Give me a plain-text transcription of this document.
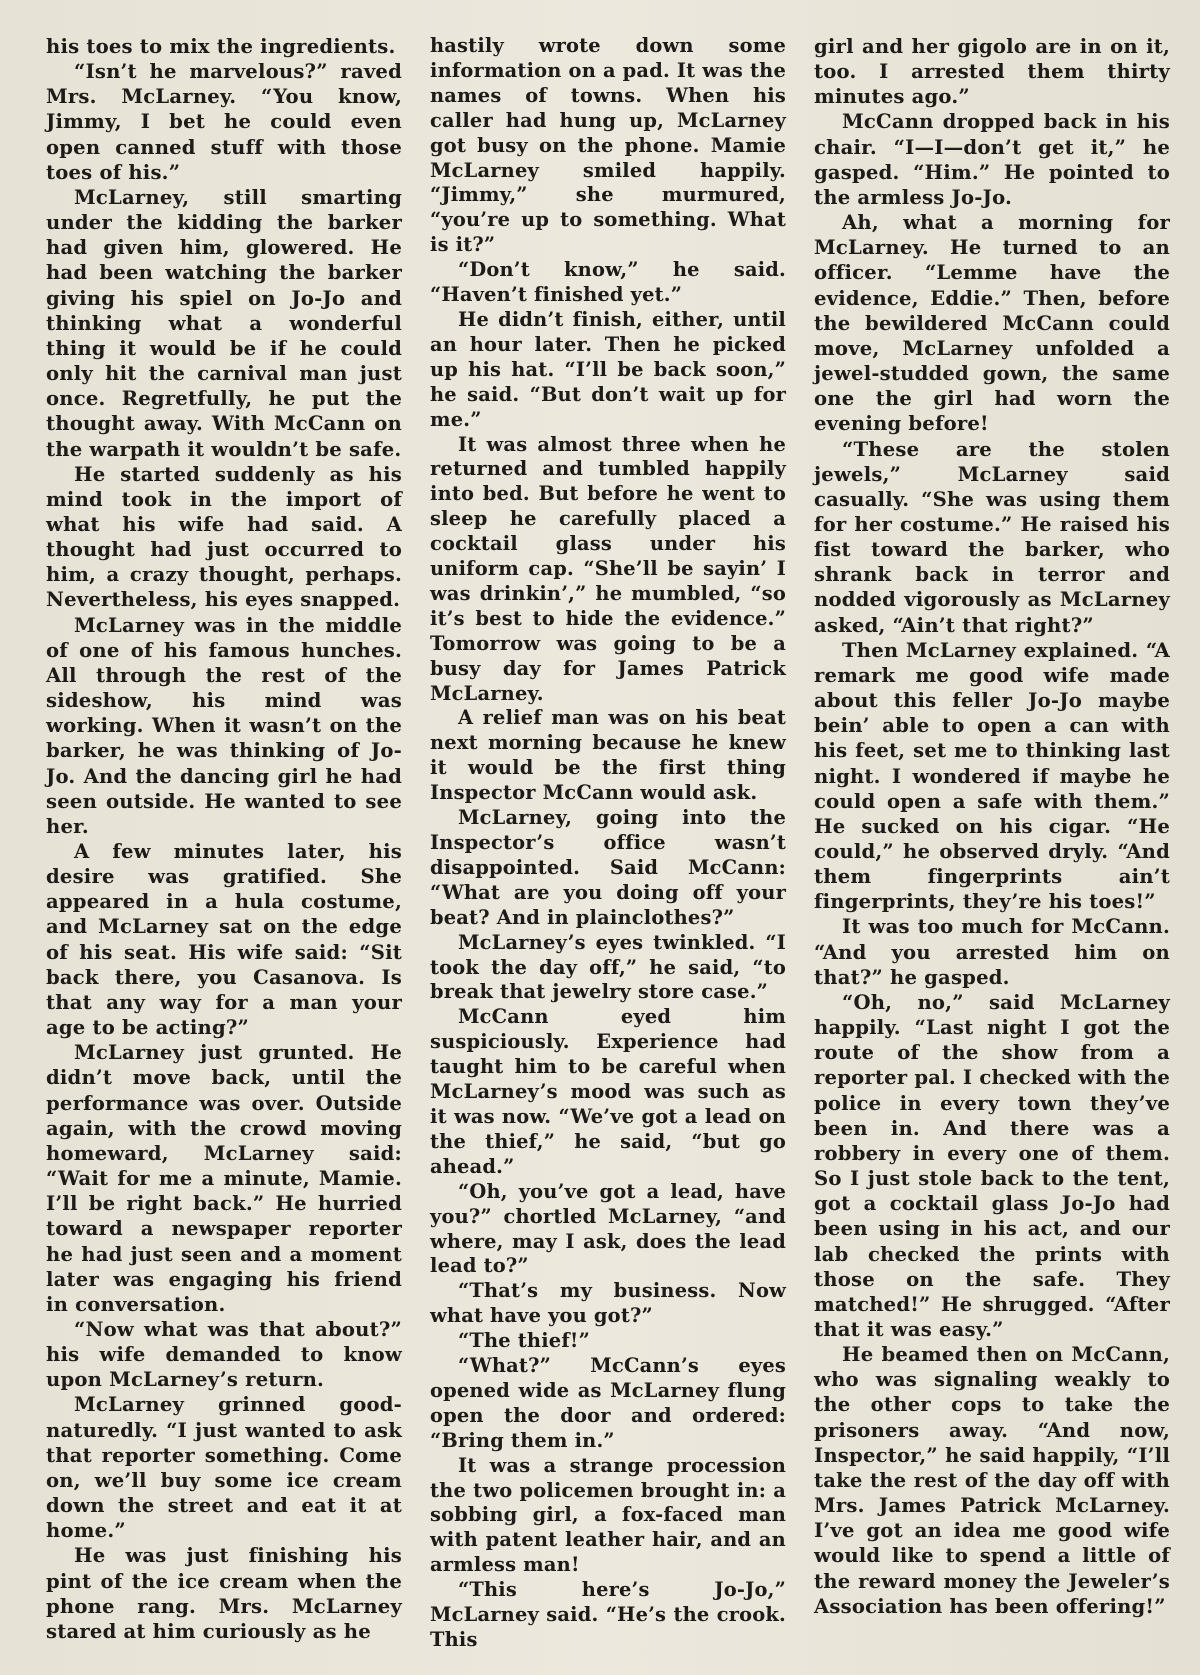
his toes to mix the ingredients.

“Isn’t he marvelous?” raved Mrs. McLarney. “You know, Jimmy, I bet he could even open canned stuff with those toes of his.”

McLarney, still smarting under the kidding the barker had given him, glowered. He had been watching the barker giving his spiel on Jo-Jo and thinking what a wonderful thing it would be if he could only hit the carnival man just once. Regretfully, he put the thought away. With McCann on the warpath it wouldn’t be safe.

He started suddenly as his mind took in the import of what his wife had said. A thought had just occurred to him, a crazy thought, perhaps. Nevertheless, his eyes snapped.

McLarney was in the middle of one of his famous hunches. All through the rest of the sideshow, his mind was working. When it wasn’t on the barker, he was thinking of Jo-Jo. And the dancing girl he had seen outside. He wanted to see her.

A few minutes later, his desire was gratified. She appeared in a hula costume, and McLarney sat on the edge of his seat. His wife said: “Sit back there, you Casanova. Is that any way for a man your age to be acting?”

McLarney just grunted. He didn’t move back, until the performance was over. Outside again, with the crowd moving homeward, McLarney said: “Wait for me a minute, Mamie. I’ll be right back.” He hurried toward a newspaper reporter he had just seen and a moment later was engaging his friend in conversation.

“Now what was that about?” his wife demanded to know upon McLarney’s return.

McLarney grinned good-naturedly. “I just wanted to ask that reporter something. Come on, we’ll buy some ice cream down the street and eat it at home.”

He was just finishing his pint of the ice cream when the phone rang. Mrs. McLarney stared at him curiously as he

hastily wrote down some information on a pad. It was the names of towns. When his caller had hung up, McLarney got busy on the phone. Mamie McLarney smiled happily. “Jimmy,” she murmured, “you’re up to something. What is it?”

“Don’t know,” he said. “Haven’t finished yet.”

He didn’t finish, either, until an hour later. Then he picked up his hat. “I’ll be back soon,” he said. “But don’t wait up for me.”

It was almost three when he returned and tumbled happily into bed. But before he went to sleep he carefully placed a cocktail glass under his uniform cap. “She’ll be sayin’ I was drinkin’,” he mumbled, “so it’s best to hide the evidence.” Tomorrow was going to be a busy day for James Patrick McLarney.

A relief man was on his beat next morning because he knew it would be the first thing Inspector McCann would ask.

McLarney, going into the Inspector’s office wasn’t disappointed. Said McCann: “What are you doing off your beat? And in plainclothes?”

McLarney’s eyes twinkled. “I took the day off,” he said, “to break that jewelry store case.”

McCann eyed him suspiciously. Experience had taught him to be careful when McLarney’s mood was such as it was now. “We’ve got a lead on the thief,” he said, “but go ahead.”

“Oh, you’ve got a lead, have you?” chortled McLarney, “and where, may I ask, does the lead lead to?”

“That’s my business. Now what have you got?”

“The thief!”

“What?” McCann’s eyes opened wide as McLarney flung open the door and ordered: “Bring them in.”

It was a strange procession the two policemen brought in: a sobbing girl, a fox-faced man with patent leather hair, and an armless man!

“This here’s Jo-Jo,” McLarney said. “He’s the crook. This

girl and her gigolo are in on it, too. I arrested them thirty minutes ago.”

McCann dropped back in his chair. “I—I—don’t get it,” he gasped. “Him.” He pointed to the armless Jo-Jo.

Ah, what a morning for McLarney. He turned to an officer. “Lemme have the evidence, Eddie.” Then, before the bewildered McCann could move, McLarney unfolded a jewel-studded gown, the same one the girl had worn the evening before!

“These are the stolen jewels,” McLarney said casually. “She was using them for her costume.” He raised his fist toward the barker, who shrank back in terror and nodded vigorously as McLarney asked, “Ain’t that right?”

Then McLarney explained. “A remark me good wife made about this feller Jo-Jo maybe bein’ able to open a can with his feet, set me to thinking last night. I wondered if maybe he could open a safe with them.” He sucked on his cigar. “He could,” he observed dryly. “And them fingerprints ain’t fingerprints, they’re his toes!”

It was too much for McCann. “And you arrested him on that?” he gasped.

“Oh, no,” said McLarney happily. “Last night I got the route of the show from a reporter pal. I checked with the police in every town they’ve been in. And there was a robbery in every one of them. So I just stole back to the tent, got a cocktail glass Jo-Jo had been using in his act, and our lab checked the prints with those on the safe. They matched!” He shrugged. “After that it was easy.”

He beamed then on McCann, who was signaling weakly to the other cops to take the prisoners away. “And now, Inspector,” he said happily, “I’ll take the rest of the day off with Mrs. James Patrick McLarney. I’ve got an idea me good wife would like to spend a little of the reward money the Jeweler’s Association has been offering!”
